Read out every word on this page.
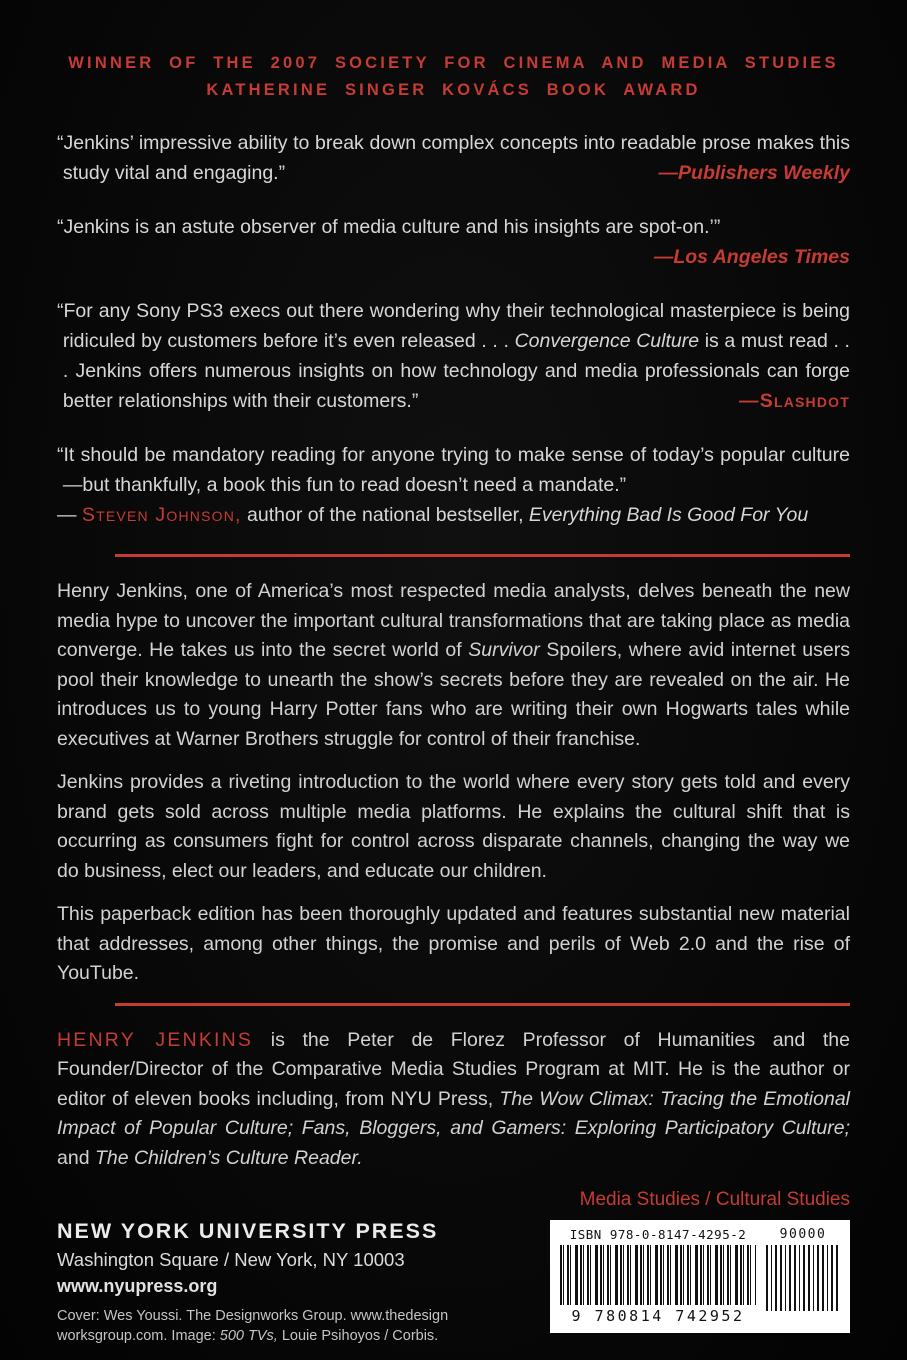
WINNER OF THE 2007 SOCIETY FOR CINEMA AND MEDIA STUDIES
KATHERINE SINGER KOVÁCS BOOK AWARD

“Jenkins’ impressive ability to break down complex concepts into readable prose makes this study vital and engaging.”	—Publishers Weekly

“Jenkins is an astute observer of media culture and his insights are spot-on.’”

—Los Angeles Times

“For any Sony PS3 execs out there wondering why their technological masterpiece is being ridiculed by customers before it’s even released . . . Convergence Culture is a must read . . . Jenkins offers numerous insights on how technology and media professionals can forge better relationships with their customers.”	—Slashdot

“It should be mandatory reading for anyone trying to make sense of today’s popular culture—but thankfully, a book this fun to read doesn’t need a mandate.”

— Steven Johnson, author of the national bestseller, Everything Bad Is Good For You

Henry Jenkins, one of America’s most respected media analysts, delves beneath the new media hype to uncover the important cultural transformations that are taking place as media converge. He takes us into the secret world of Survivor Spoilers, where avid internet users pool their knowledge to unearth the show’s secrets before they are revealed on the air. He introduces us to young Harry Potter fans who are writing their own Hogwarts tales while executives at Warner Brothers struggle for control of their franchise.

Jenkins provides a riveting introduction to the world where every story gets told and every brand gets sold across multiple media platforms. He explains the cultural shift that is occurring as consumers fight for control across disparate channels, changing the way we do business, elect our leaders, and educate our children.

This paperback edition has been thoroughly updated and features substantial new material that addresses, among other things, the promise and perils of Web 2.0 and the rise of YouTube.

HENRY JENKINS is the Peter de Florez Professor of Humanities and the Founder/Director of the Comparative Media Studies Program at MIT. He is the author or editor of eleven books including, from NYU Press, The Wow Climax: Tracing the Emotional Impact of Popular Culture; Fans, Bloggers, and Gamers: Exploring Participatory Culture; and The Children’s Culture Reader.

NEW YORK UNIVERSITY PRESS
Washington Square / New York, NY 10003
www.nyupress.org
Cover: Wes Youssi. The Designworks Group. www.thedesign
worksgroup.com. Image: 500 TVs, Louie Psihoyos / Corbis.
Media Studies / Cultural Studies
ISBN 978-0-8147-4295-2
9 780814 742952
90000
